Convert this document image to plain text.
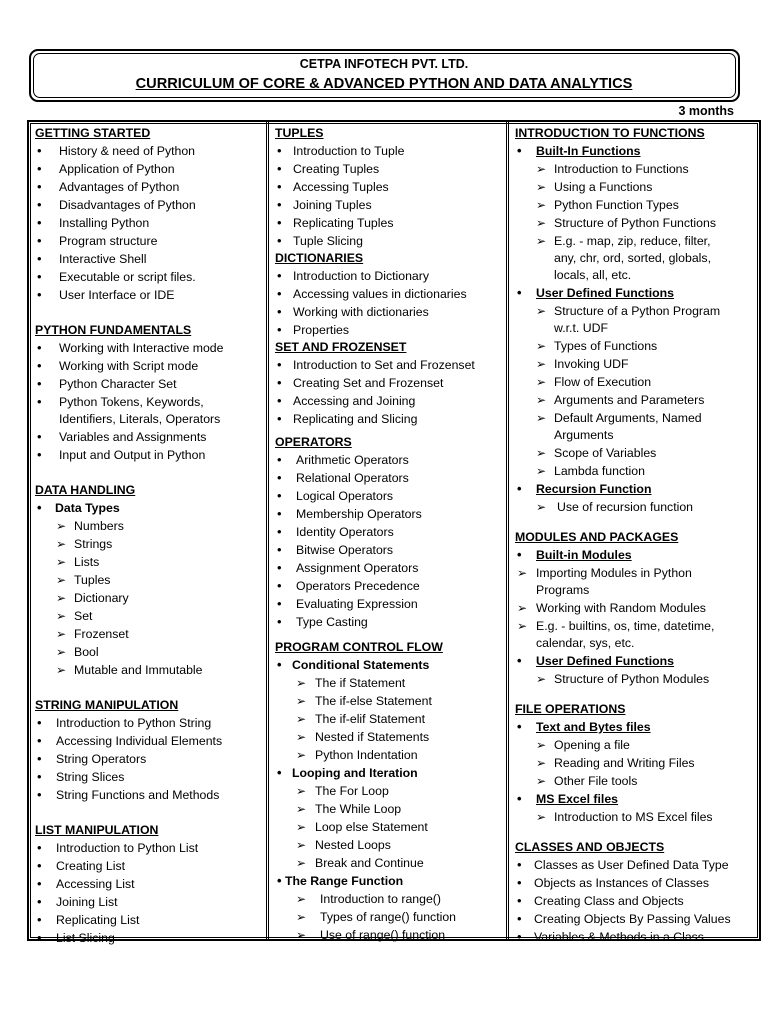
CETPA INFOTECH PVT. LTD.
CURRICULUM OF CORE & ADVANCED PYTHON AND DATA ANALYTICS
3 months
GETTING STARTED
• History & need of Python
• Application of Python
• Advantages of Python
• Disadvantages of Python
• Installing Python
• Program structure
• Interactive Shell
• Executable or script files.
• User Interface or IDE
PYTHON FUNDAMENTALS
• Working with Interactive mode
• Working with Script mode
• Python Character Set
• Python Tokens, Keywords,
Identifiers, Literals, Operators
• Variables and Assignments
• Input and Output in Python
DATA HANDLING
• Data Types
➢ Numbers
➢ Strings
➢ Lists
➢ Tuples
➢ Dictionary
➢ Set
➢ Frozenset
➢ Bool
➢ Mutable and Immutable
STRING MANIPULATION
• Introduction to Python String
• Accessing Individual Elements
• String Operators
• String Slices
• String Functions and Methods
LIST MANIPULATION
• Introduction to Python List
• Creating List
• Accessing List
• Joining List
• Replicating List
• List Slicing
TUPLES
• Introduction to Tuple
• Creating Tuples
• Accessing Tuples
• Joining Tuples
• Replicating Tuples
• Tuple Slicing
DICTIONARIES
• Introduction to Dictionary
• Accessing values in dictionaries
• Working with dictionaries
• Properties
SET AND FROZENSET
• Introduction to Set and Frozenset
• Creating Set and Frozenset
• Accessing and Joining
• Replicating and Slicing
OPERATORS
• Arithmetic Operators
• Relational Operators
• Logical Operators
• Membership Operators
• Identity Operators
• Bitwise Operators
• Assignment Operators
• Operators Precedence
• Evaluating Expression
• Type Casting
PROGRAM CONTROL FLOW
• Conditional Statements
➢ The if Statement
➢ The if-else Statement
➢ The if-elif Statement
➢ Nested if Statements
➢ Python Indentation
• Looping and Iteration
➢ The For Loop
➢ The While Loop
➢ Loop else Statement
➢ Nested Loops
➢ Break and Continue
• The Range Function
➢ Introduction to range()
➢ Types of range() function
➢ Use of range() function
INTRODUCTION TO FUNCTIONS
• Built-In Functions
➢ Introduction to Functions
➢ Using a Functions
➢ Python Function Types
➢ Structure of Python Functions
➢ E.g. - map, zip, reduce, filter,
any, chr, ord, sorted, globals,
locals, all, etc.
• User Defined Functions
➢ Structure of a Python Program
w.r.t. UDF
➢ Types of Functions
➢ Invoking UDF
➢ Flow of Execution
➢ Arguments and Parameters
➢ Default Arguments, Named
Arguments
➢ Scope of Variables
➢ Lambda function
• Recursion Function
➢ Use of recursion function
MODULES AND PACKAGES
• Built-in Modules
➢ Importing Modules in Python
Programs
➢ Working with Random Modules
➢ E.g. - builtins, os, time, datetime,
calendar, sys, etc.
• User Defined Functions
➢ Structure of Python Modules
FILE OPERATIONS
• Text and Bytes files
➢ Opening a file
➢ Reading and Writing Files
➢ Other File tools
• MS Excel files
➢ Introduction to MS Excel files
CLASSES AND OBJECTS
• Classes as User Defined Data Type
• Objects as Instances of Classes
• Creating Class and Objects
• Creating Objects By Passing Values
• Variables & Methods in a Class
